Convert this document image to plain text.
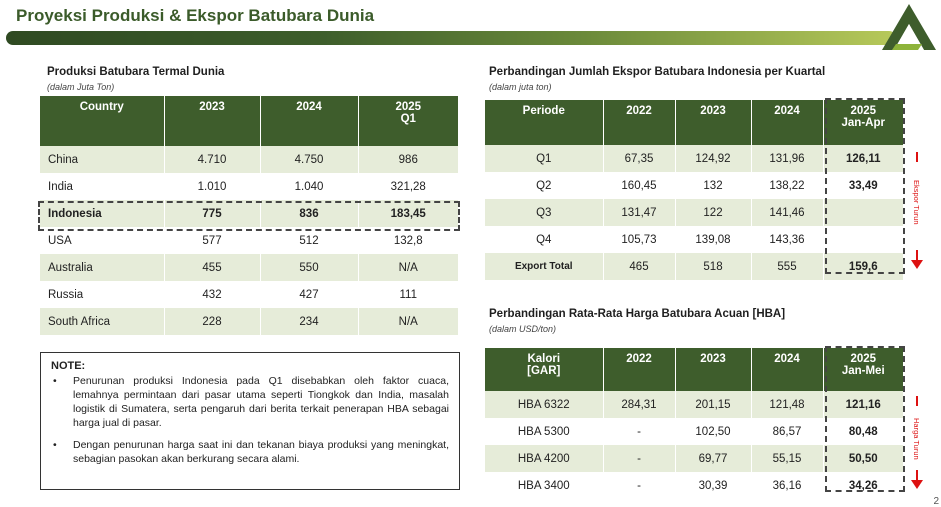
Proyeksi Produksi & Ekspor Batubara Dunia
Produksi Batubara Termal Dunia
(dalam Juta Ton)
Country	2023	2024	2025
Q1
China	4.710	4.750	986
India	1.010	1.040	321,28
Indonesia	775	836	183,45
USA	577	512	132,8
Australia	455	550	N/A
Russia	432	427	111
South Africa	228	234	N/A
NOTE:
• Penurunan produksi Indonesia pada Q1 disebabkan oleh faktor cuaca, lemahnya permintaan dari pasar utama seperti Tiongkok dan India, masalah logistik di Sumatera, serta pengaruh dari berita terkait penerapan HBA sebagai harga jual di pasar.
• Dengan penurunan harga saat ini dan tekanan biaya produksi yang meningkat, sebagian pasokan akan berkurang secara alami.
Perbandingan Jumlah Ekspor Batubara Indonesia per Kuartal
(dalam juta ton)
Periode	2022	2023	2024	2025
Jan-Apr
Q1	67,35	124,92	131,96	126,11
Q2	160,45	132	138,22	33,49
Q3	131,47	122	141,46	
Q4	105,73	139,08	143,36	
Export Total	465	518	555	159,6
Ekspor Turun
Perbandingan Rata-Rata Harga Batubara Acuan [HBA]
(dalam USD/ton)
Kalori
[GAR]	2022	2023	2024	2025
Jan-Mei
HBA 6322	284,31	201,15	121,48	121,16
HBA 5300	-	102,50	86,57	80,48
HBA 4200	-	69,77	55,15	50,50
HBA 3400	-	30,39	36,16	34,26
Harga Turun
2
